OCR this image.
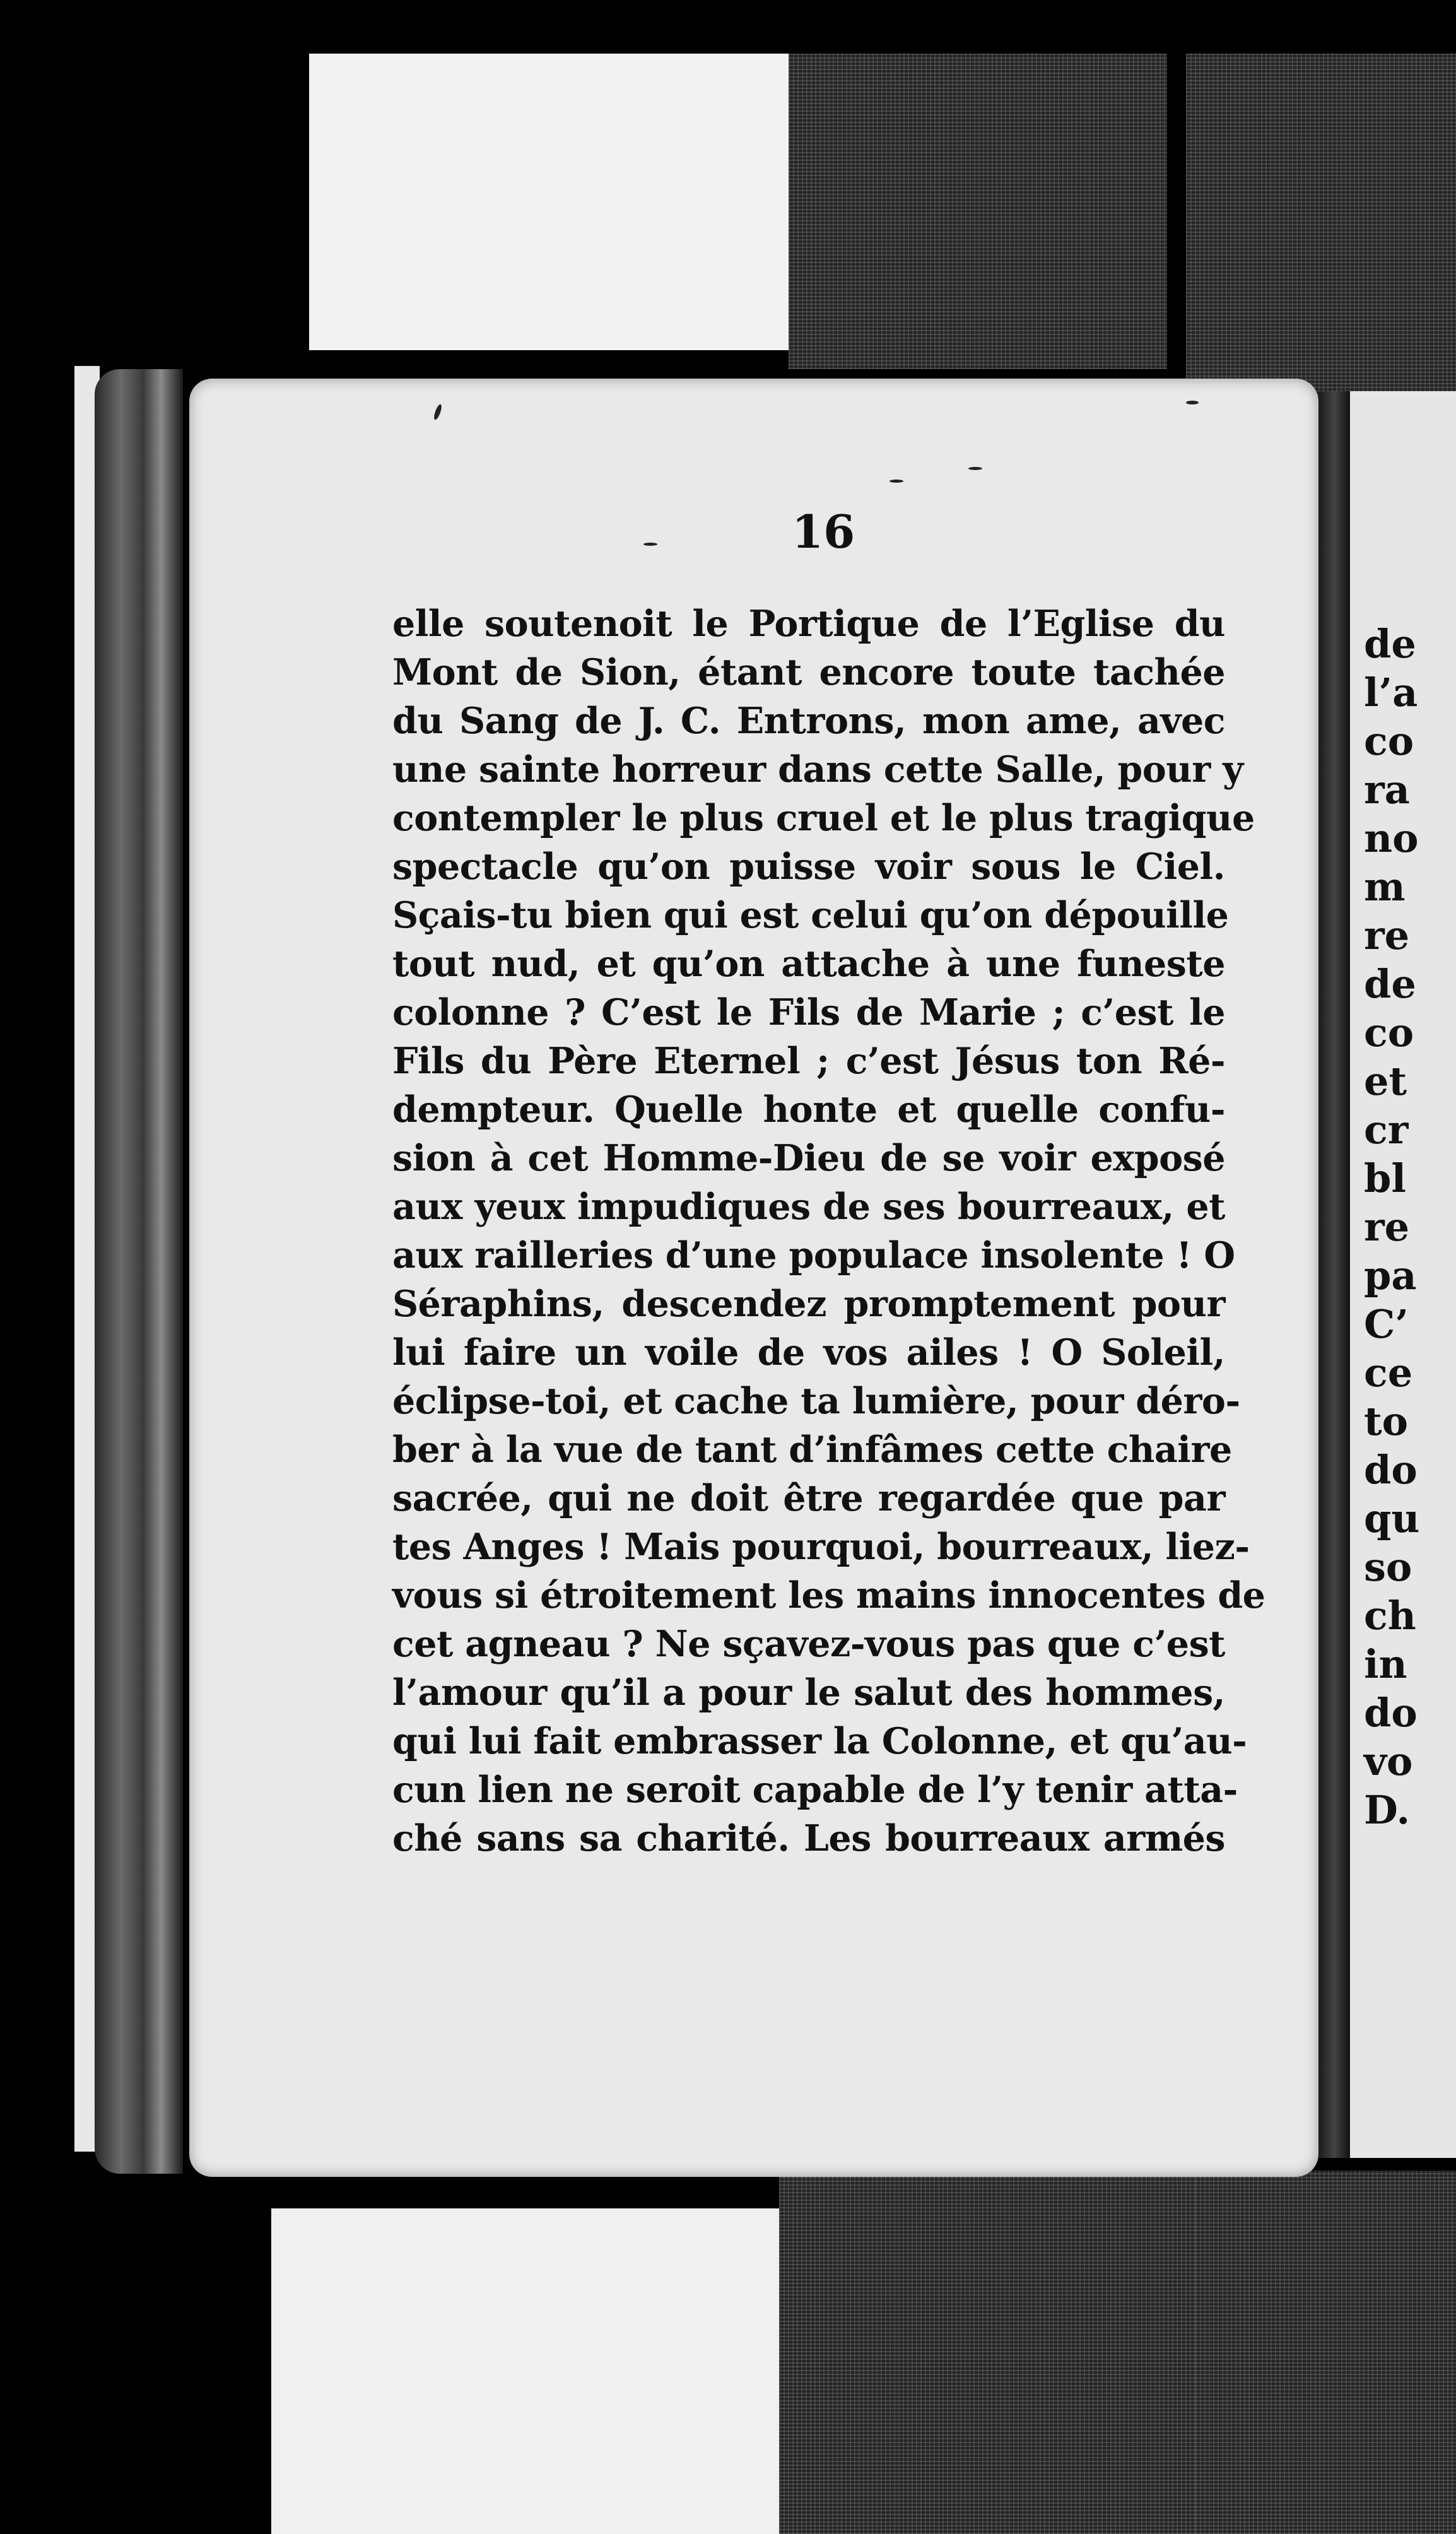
de
l’a
co
ra
no
m
re
de
co
et
cr
bl
re
pa
C’
ce
to
do
qu
so
ch
in
do
vo
D.
16
elle soutenoit le Portique de l’Eglise du
Mont de Sion, étant encore toute tachée
du Sang de J. C. Entrons, mon ame, avec
une sainte horreur dans cette Salle, pour y
contempler le plus cruel et le plus tragique
spectacle qu’on puisse voir sous le Ciel.
Sçais-tu bien qui est celui qu’on dépouille
tout nud, et qu’on attache à une funeste
colonne ? C’est le Fils de Marie ; c’est le
Fils du Père Eternel ; c’est Jésus ton Ré-
dempteur. Quelle honte et quelle confu-
sion à cet Homme-Dieu de se voir exposé
aux yeux impudiques de ses bourreaux, et
aux railleries d’une populace insolente ! O
Séraphins, descendez promptement pour
lui faire un voile de vos ailes ! O Soleil,
éclipse-toi, et cache ta lumière, pour déro-
ber à la vue de tant d’infâmes cette chaire
sacrée, qui ne doit être regardée que par
tes Anges ! Mais pourquoi, bourreaux, liez-
vous si étroitement les mains innocentes de
cet agneau ? Ne sçavez-vous pas que c’est
l’amour qu’il a pour le salut des hommes,
qui lui fait embrasser la Colonne, et qu’au-
cun lien ne seroit capable de l’y tenir atta-
ché sans sa charité. Les bourreaux armés
